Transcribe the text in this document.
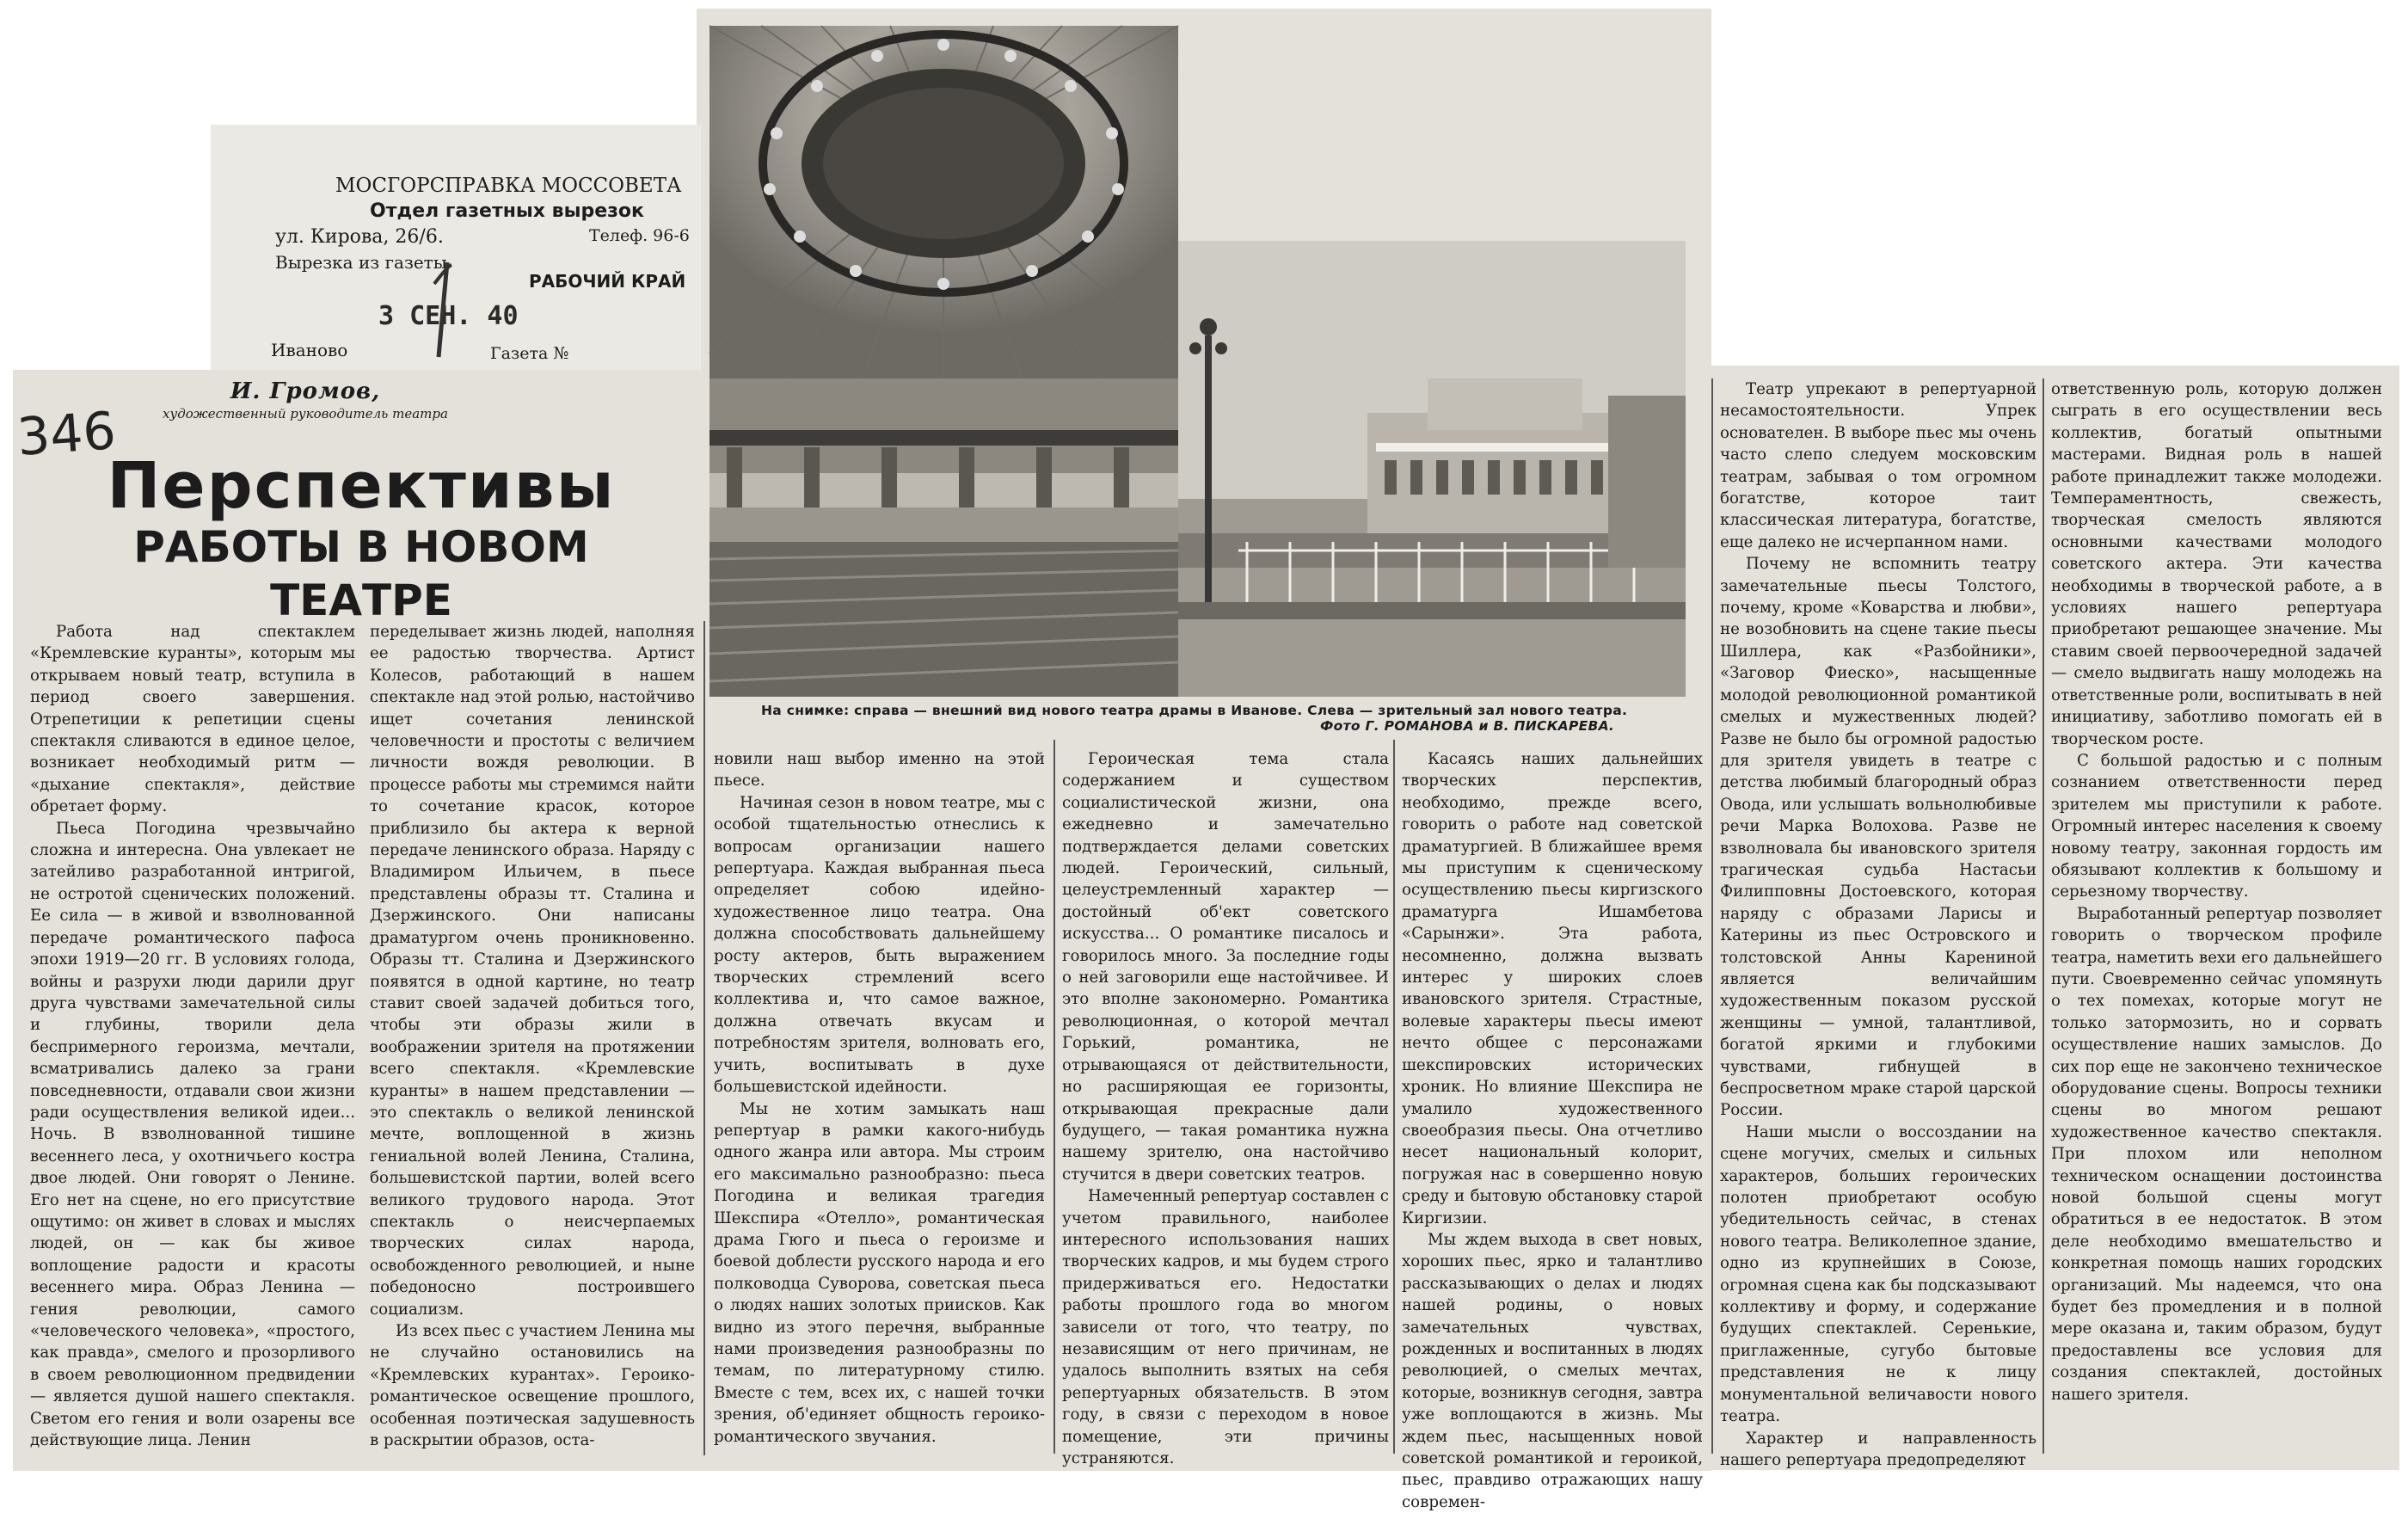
МОСГОРСПРАВКА МОССОВЕТА
Отдел газетных вырезок
ул. Кирова, 26/6.	Телеф. 96-6
Вырезка из газеты
РАБОЧИЙ КРАЙ
3 СЕН. 40
Иваново	Газета №
346
И. Громов,
художественный руководитель театра
Перспективы
РАБОТЫ В НОВОМ
ТЕАТРЕ
На снимке: справа — внешний вид нового театра драмы в Иванове. Слева — зрительный зал нового театра.
Фото Г. РОМАНОВА и В. ПИСКАРЕВА.

Работа над спектаклем «Кремлевские куранты», которым мы открываем новый театр, вступила в период своего завершения. Отрепетиции к репетиции сцены спектакля сливаются в единое целое, возникает необходимый ритм — «дыхание спектакля», действие обретает форму.

Пьеса Погодина чрезвычайно сложна и интересна. Она увлекает не затейливо разработанной интригой, не остротой сценических положений. Ее сила — в живой и взволнованной передаче романтического пафоса эпохи 1919—20 гг. В условиях голода, войны и разрухи люди дарили друг друга чувствами замечательной силы и глубины, творили дела беспримерного героизма, мечтали, всматривались далеко за грани повседневности, отдавали свои жизни ради осуществления великой идеи... Ночь. В взволнованной тишине весеннего леса, у охотничьего костра двое людей. Они говорят о Ленине. Его нет на сцене, но его присутствие ощутимо: он живет в словах и мыслях людей, он — как бы живое воплощение радости и красоты весеннего мира. Образ Ленина — гения революции, самого «человеческого человека», «простого, как правда», смелого и прозорливого в своем революционном предвидении — является душой нашего спектакля. Светом его гения и воли озарены все действующие лица. Ленин

переделывает жизнь людей, наполняя ее радостью творчества. Артист Колесов, работающий в нашем спектакле над этой ролью, настойчиво ищет сочетания ленинской человечности и простоты с величием личности вождя революции. В процессе работы мы стремимся найти то сочетание красок, которое приблизило бы актера к верной передаче ленинского образа. Наряду с Владимиром Ильичем, в пьесе представлены образы тт. Сталина и Дзержинского. Они написаны драматургом очень проникновенно. Образы тт. Сталина и Дзержинского появятся в одной картине, но театр ставит своей задачей добиться того, чтобы эти образы жили в воображении зрителя на протяжении всего спектакля. «Кремлевские куранты» в нашем представлении — это спектакль о великой ленинской мечте, воплощенной в жизнь гениальной волей Ленина, Сталина, большевистской партии, волей всего великого трудового народа. Этот спектакль о неисчерпаемых творческих силах народа, освобожденного революцией, и ныне победоносно построившего социализм.

Из всех пьес с участием Ленина мы не случайно остановились на «Кремлевских курантах». Героико-романтическое освещение прошлого, особенная поэтическая задушевность в раскрытии образов, оста-

новили наш выбор именно на этой пьесе.

Начиная сезон в новом театре, мы с особой тщательностью отнеслись к вопросам организации нашего репертуара. Каждая выбранная пьеса определяет собою идейно-художественное лицо театра. Она должна способствовать дальнейшему росту актеров, быть выражением творческих стремлений всего коллектива и, что самое важное, должна отвечать вкусам и потребностям зрителя, волновать его, учить, воспитывать в духе большевистской идейности.

Мы не хотим замыкать наш репертуар в рамки какого-нибудь одного жанра или автора. Мы строим его максимально разнообразно: пьеса Погодина и великая трагедия Шекспира «Отелло», романтическая драма Гюго и пьеса о героизме и боевой доблести русского народа и его полководца Суворова, советская пьеса о людях наших золотых приисков. Как видно из этого перечня, выбранные нами произведения разнообразны по темам, по литературному стилю. Вместе с тем, всех их, с нашей точки зрения, об'единяет общность героико-романтического звучания.

Героическая тема стала содержанием и существом социалистической жизни, она ежедневно и замечательно подтверждается делами советских людей. Героический, сильный, целеустремленный характер — достойный об'ект советского искусства... О романтике писалось и говорилось много. За последние годы о ней заговорили еще настойчивее. И это вполне закономерно. Романтика революционная, о которой мечтал Горький, романтика, не отрывающаяся от действительности, но расширяющая ее горизонты, открывающая прекрасные дали будущего, — такая романтика нужна нашему зрителю, она настойчиво стучится в двери советских театров.

Намеченный репертуар составлен с учетом правильного, наиболее интересного использования наших творческих кадров, и мы будем строго придерживаться его. Недостатки работы прошлого года во многом зависели от того, что театру, по независящим от него причинам, не удалось выполнить взятых на себя репертуарных обязательств. В этом году, в связи с переходом в новое помещение, эти причины устраняются.

Касаясь наших дальнейших творческих перспектив, необходимо, прежде всего, говорить о работе над советской драматургией. В ближайшее время мы приступим к сценическому осуществлению пьесы киргизского драматурга Ишамбетова «Сарынжи». Эта работа, несомненно, должна вызвать интерес у широких слоев ивановского зрителя. Страстные, волевые характеры пьесы имеют нечто общее с персонажами шекспировских исторических хроник. Но влияние Шекспира не умалило художественного своеобразия пьесы. Она отчетливо несет национальный колорит, погружая нас в совершенно новую среду и бытовую обстановку старой Киргизии.

Мы ждем выхода в свет новых, хороших пьес, ярко и талантливо рассказывающих о делах и людях нашей родины, о новых замечательных чувствах, рожденных и воспитанных в людях революцией, о смелых мечтах, которые, возникнув сегодня, завтра уже воплощаются в жизнь. Мы ждем пьес, насыщенных новой советской романтикой и героикой, пьес, правдиво отражающих нашу современ-

Театр упрекают в репертуарной несамостоятельности. Упрек основателен. В выборе пьес мы очень часто слепо следуем московским театрам, забывая о том огромном богатстве, которое таит классическая литература, богатстве, еще далеко не исчерпанном нами.

Почему не вспомнить театру замечательные пьесы Толстого, почему, кроме «Коварства и любви», не возобновить на сцене такие пьесы Шиллера, как «Разбойники», «Заговор Фиеско», насыщенные молодой революционной романтикой смелых и мужественных людей? Разве не было бы огромной радостью для зрителя увидеть в театре с детства любимый благородный образ Овода, или услышать вольнолюбивые речи Марка Волохова. Разве не взволновала бы ивановского зрителя трагическая судьба Настасьи Филипповны Достоевского, которая наряду с образами Ларисы и Катерины из пьес Островского и толстовской Анны Карениной является величайшим художественным показом русской женщины — умной, талантливой, богатой яркими и глубокими чувствами, гибнущей в беспросветном мраке старой царской России.

Наши мысли о воссоздании на сцене могучих, смелых и сильных характеров, больших героических полотен приобретают особую убедительность сейчас, в стенах нового театра. Великолепное здание, одно из крупнейших в Союзе, огромная сцена как бы подсказывают коллективу и форму, и содержание будущих спектаклей. Серенькие, приглаженные, сугубо бытовые представления не к лицу монументальной величавости нового театра.

Характер и направленность нашего репертуара предопределяют

ответственную роль, которую должен сыграть в его осуществлении весь коллектив, богатый опытными мастерами. Видная роль в нашей работе принадлежит также молодежи. Темпераментность, свежесть, творческая смелость являются основными качествами молодого советского актера. Эти качества необходимы в творческой работе, а в условиях нашего репертуара приобретают решающее значение. Мы ставим своей первоочередной задачей — смело выдвигать нашу молодежь на ответственные роли, воспитывать в ней инициативу, заботливо помогать ей в творческом росте.

С большой радостью и с полным сознанием ответственности перед зрителем мы приступили к работе. Огромный интерес населения к своему новому театру, законная гордость им обязывают коллектив к большому и серьезному творчеству.

Выработанный репертуар позволяет говорить о творческом профиле театра, наметить вехи его дальнейшего пути. Своевременно сейчас упомянуть о тех помехах, которые могут не только затормозить, но и сорвать осуществление наших замыслов. До сих пор еще не закончено техническое оборудование сцены. Вопросы техники сцены во многом решают художественное качество спектакля. При плохом или неполном техническом оснащении достоинства новой большой сцены могут обратиться в ее недостаток. В этом деле необходимо вмешательство и конкретная помощь наших городских организаций. Мы надеемся, что она будет без промедления и в полной мере оказана и, таким образом, будут предоставлены все условия для создания спектаклей, достойных нашего зрителя.
